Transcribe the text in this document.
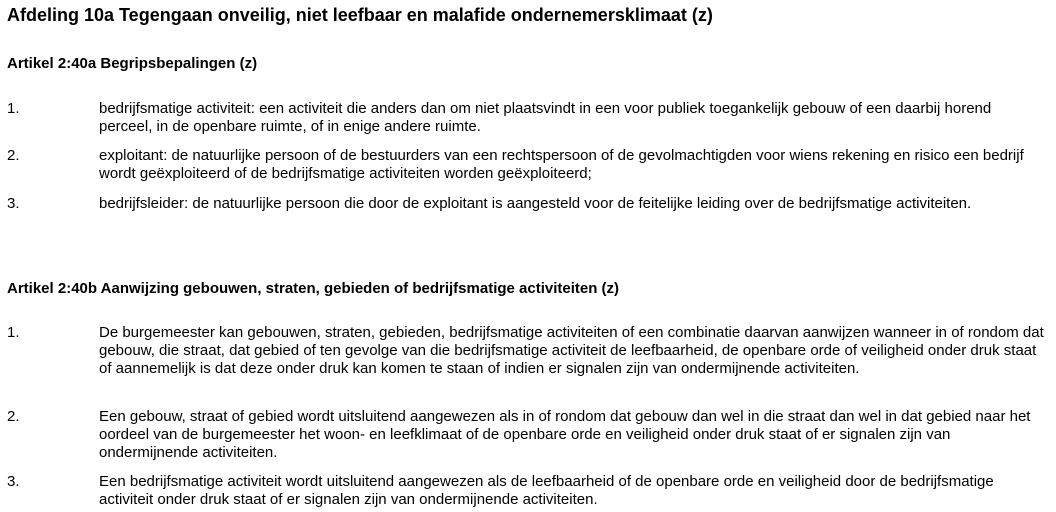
Afdeling 10a Tegengaan onveilig, niet leefbaar en malafide ondernemersklimaat (z)
Artikel 2:40a Begripsbepalingen (z)
1.	bedrijfsmatige activiteit: een activiteit die anders dan om niet plaatsvindt in een voor publiek toegankelijk gebouw of een daarbij horend perceel, in de openbare ruimte, of in enige andere ruimte.
2.	exploitant: de natuurlijke persoon of de bestuurders van een rechtspersoon of de gevolmachtigden voor wiens rekening en risico een bedrijf wordt geëxploiteerd of de bedrijfsmatige activiteiten worden geëxploiteerd;
3.	bedrijfsleider: de natuurlijke persoon die door de exploitant is aangesteld voor de feitelijke leiding over de bedrijfsmatige activiteiten.
Artikel 2:40b Aanwijzing gebouwen, straten, gebieden of bedrijfsmatige activiteiten (z)
1.	De burgemeester kan gebouwen, straten, gebieden, bedrijfsmatige activiteiten of een combinatie daarvan aanwijzen wanneer in of rondom dat gebouw, die straat, dat gebied of ten gevolge van die bedrijfsmatige activiteit de leefbaarheid, de openbare orde of veiligheid onder druk staat of aannemelijk is dat deze onder druk kan komen te staan of indien er signalen zijn van ondermijnende activiteiten.
2.	Een gebouw, straat of gebied wordt uitsluitend aangewezen als in of rondom dat gebouw dan wel in die straat dan wel in dat gebied naar het oordeel van de burgemeester het woon- en leefklimaat of de openbare orde en veiligheid onder druk staat of er signalen zijn van ondermijnende activiteiten.
3.	Een bedrijfsmatige activiteit wordt uitsluitend aangewezen als de leefbaarheid of de openbare orde en veiligheid door de bedrijfsmatige activiteit onder druk staat of er signalen zijn van ondermijnende activiteiten.
